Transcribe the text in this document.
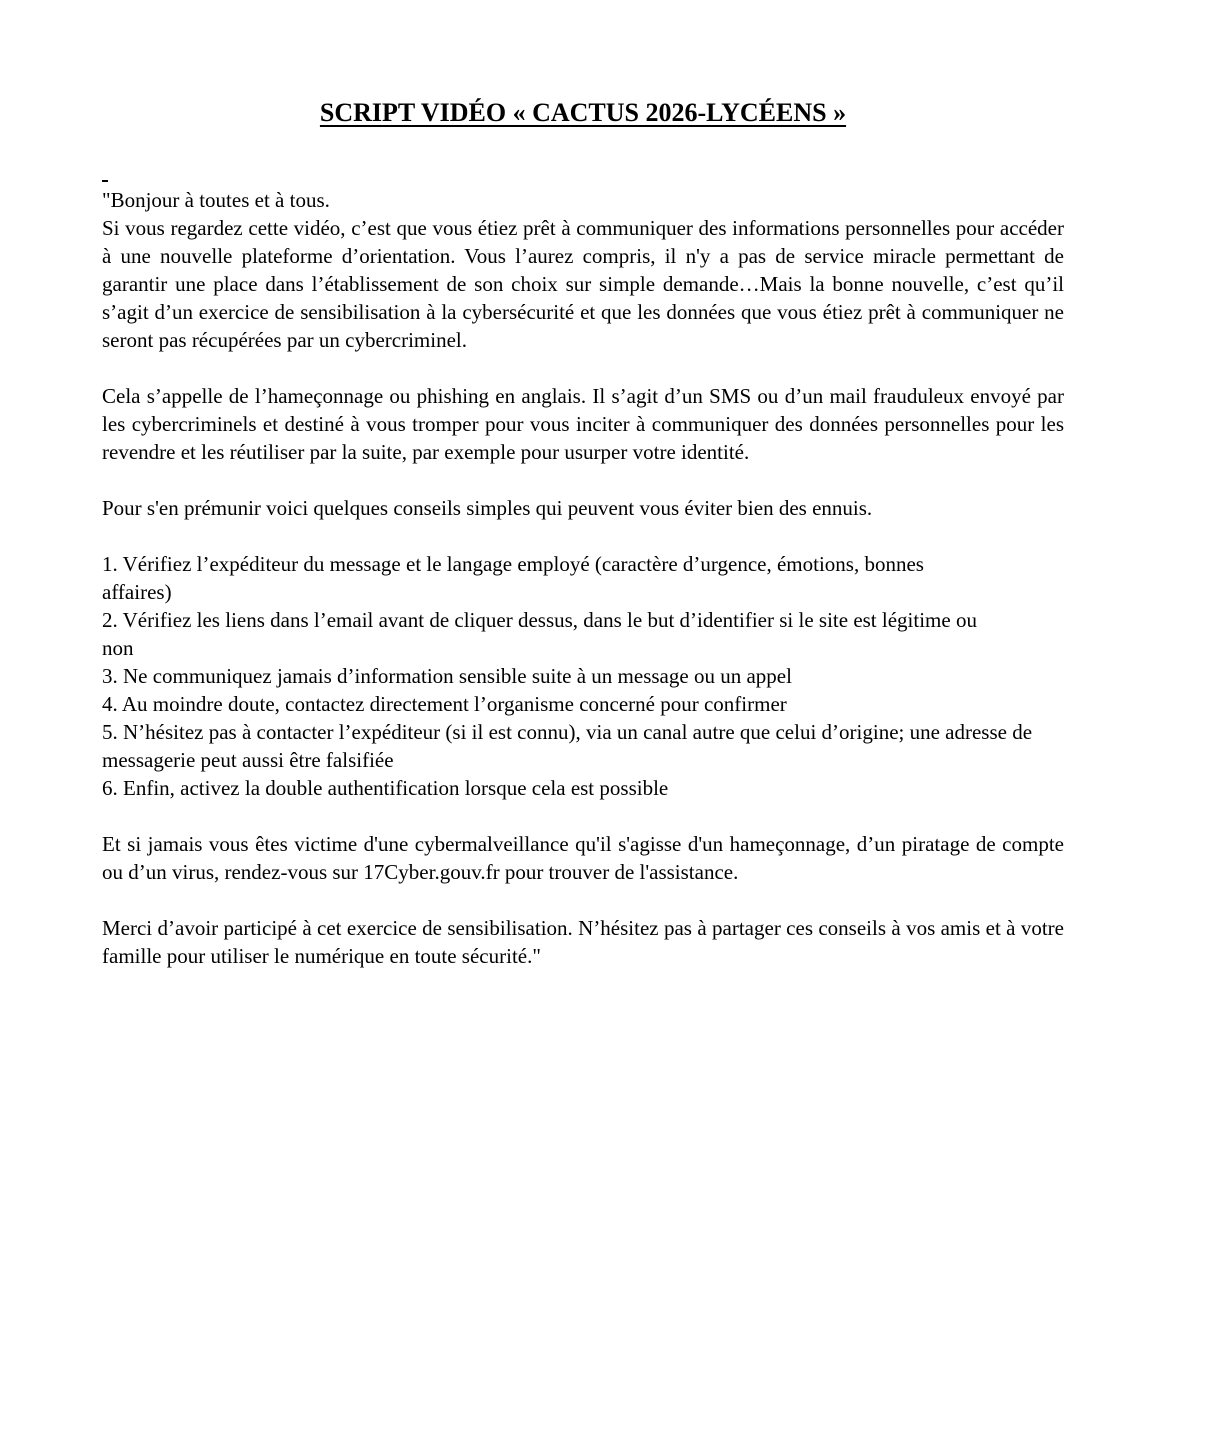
SCRIPT VIDÉO « CACTUS 2026-LYCÉENS »

"Bonjour à toutes et à tous.

Si vous regardez cette vidéo, c’est que vous étiez prêt à communiquer des informations personnelles pour accéder à une nouvelle plateforme d’orientation. Vous l’aurez compris, il n'y a pas de service miracle permettant de garantir une place dans l’établissement de son choix sur simple demande…Mais la bonne nouvelle, c’est qu’il s’agit d’un exercice de sensibilisation à la cybersécurité et que les données que vous étiez prêt à communiquer ne seront pas récupérées par un cybercriminel.

Cela s’appelle de l’hameçonnage ou phishing en anglais. Il s’agit d’un SMS ou d’un mail frauduleux envoyé par les cybercriminels et destiné à vous tromper pour vous inciter à communiquer des données personnelles pour les revendre et les réutiliser par la suite, par exemple pour usurper votre identité.

Pour s'en prémunir voici quelques conseils simples qui peuvent vous éviter bien des ennuis.

1. Vérifiez l’expéditeur du message et le langage employé (caractère d’urgence, émotions, bonnes affaires)

2. Vérifiez les liens dans l’email avant de cliquer dessus, dans le but d’identifier si le site est légitime ou non

3. Ne communiquez jamais d’information sensible suite à un message ou un appel

4. Au moindre doute, contactez directement l’organisme concerné pour confirmer

5. N’hésitez pas à contacter l’expéditeur (si il est connu), via un canal autre que celui d’origine; une adresse de messagerie peut aussi être falsifiée

6. Enfin, activez la double authentification lorsque cela est possible

Et si jamais vous êtes victime d'une cybermalveillance qu'il s'agisse d'un hameçonnage, d’un piratage de compte ou d’un virus, rendez-vous sur 17Cyber.gouv.fr pour trouver de l'assistance.

Merci d’avoir participé à cet exercice de sensibilisation. N’hésitez pas à partager ces conseils à vos amis et à votre famille pour utiliser le numérique en toute sécurité."
